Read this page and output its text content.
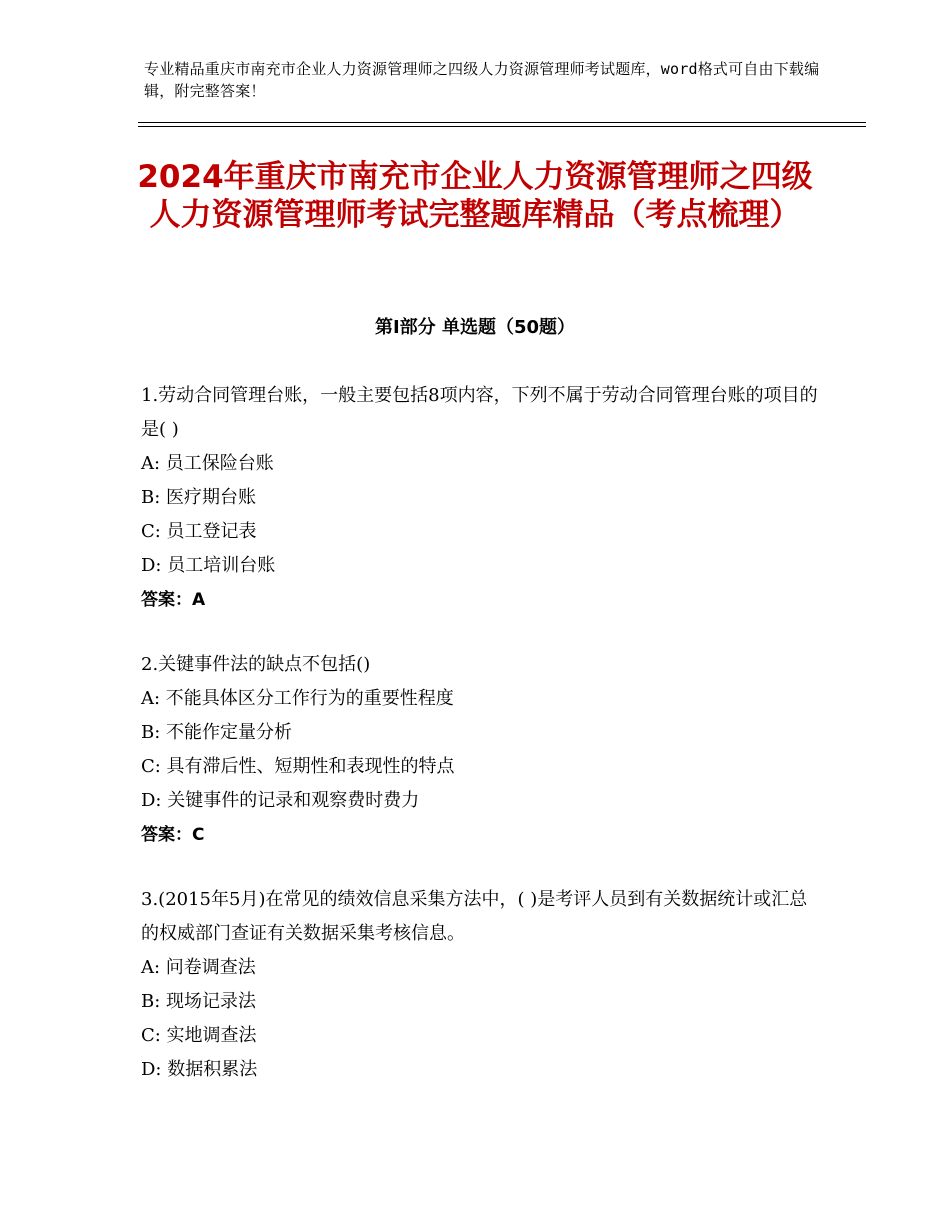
专业精品重庆市南充市企业人力资源管理师之四级人力资源管理师考试题库，word格式可自由下载编辑，附完整答案！
2024年重庆市南充市企业人力资源管理师之四级人力资源管理师考试完整题库精品（考点梳理）
第Ⅰ部分 单选题（50题）

1.劳动合同管理台账，一般主要包括8项内容，下列不属于劳动合同管理台账的项目的是( )

A: 员工保险台账

B: 医疗期台账

C: 员工登记表

D: 员工培训台账

答案：A

2.关键事件法的缺点不包括()

A: 不能具体区分工作行为的重要性程度

B: 不能作定量分析

C: 具有滞后性、短期性和表现性的特点

D: 关键事件的记录和观察费时费力

答案：C

3.(2015年5月)在常见的绩效信息采集方法中，( )是考评人员到有关数据统计或汇总的权威部门查证有关数据采集考核信息。

A: 问卷调查法

B: 现场记录法

C: 实地调查法

D: 数据积累法
